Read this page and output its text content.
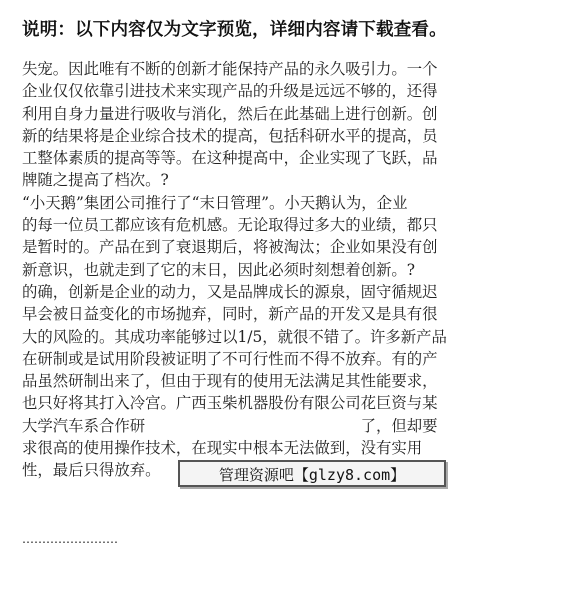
说明：以下内容仅为文字预览，详细内容请下载查看。
失宠。因此唯有不断的创新才能保持产品的永久吸引力。一个
企业仅仅依靠引进技术来实现产品的升级是远远不够的，还得
利用自身力量进行吸收与消化，然后在此基础上进行创新。创
新的结果将是企业综合技术的提高，包括科研水平的提高，员
工整体素质的提高等等。在这种提高中，企业实现了飞跃，品
牌随之提高了档次。?
“小天鹅”集团公司推行了“末日管理”。小天鹅认为，企业
的每一位员工都应该有危机感。无论取得过多大的业绩，都只
是暂时的。产品在到了衰退期后，将被淘汰；企业如果没有创
新意识，也就走到了它的末日，因此必须时刻想着创新。?
的确，创新是企业的动力，又是品牌成长的源泉，固守循规迟
早会被日益变化的市场抛弃，同时，新产品的开发又是具有很
大的风险的。其成功率能够过以1/5，就很不错了。许多新产品
在研制或是试用阶段被证明了不可行性而不得不放弃。有的产
品虽然研制出来了，但由于现有的使用无法满足其性能要求，
也只好将其打入冷宫。广西玉柴机器股份有限公司花巨资与某
大学汽车系合作研　　　　　　　　　　　　　　了，但却要
求很高的使用操作技术，在现实中根本无法做到，没有实用
性，最后只得放弃。	管理资源吧【glzy8.com】
……………………
